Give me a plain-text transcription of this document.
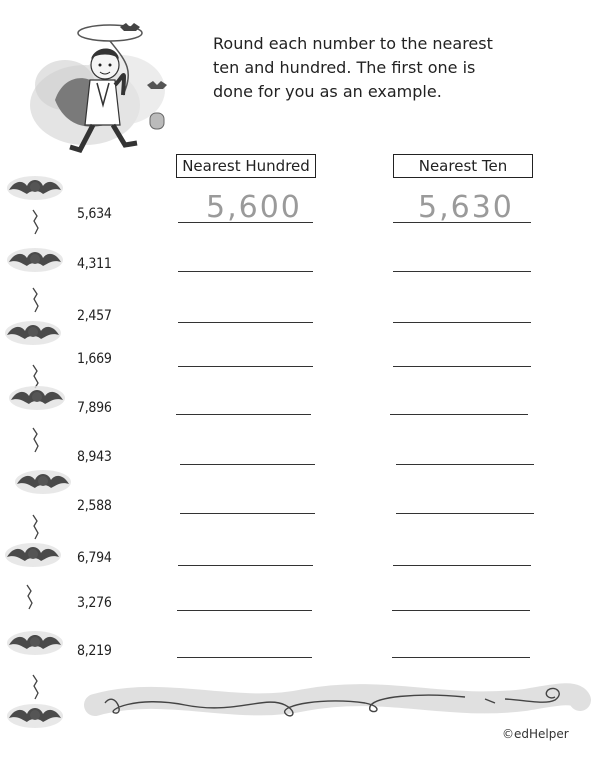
Round each number to the nearest ten and hundred. The first one is done for you as an example.
Nearest Hundred	Nearest Ten
5,634	5,600	5,630
4,311
2,457
1,669
7,896
8,943
2,588
6,794
3,276
8,219
©edHelper
